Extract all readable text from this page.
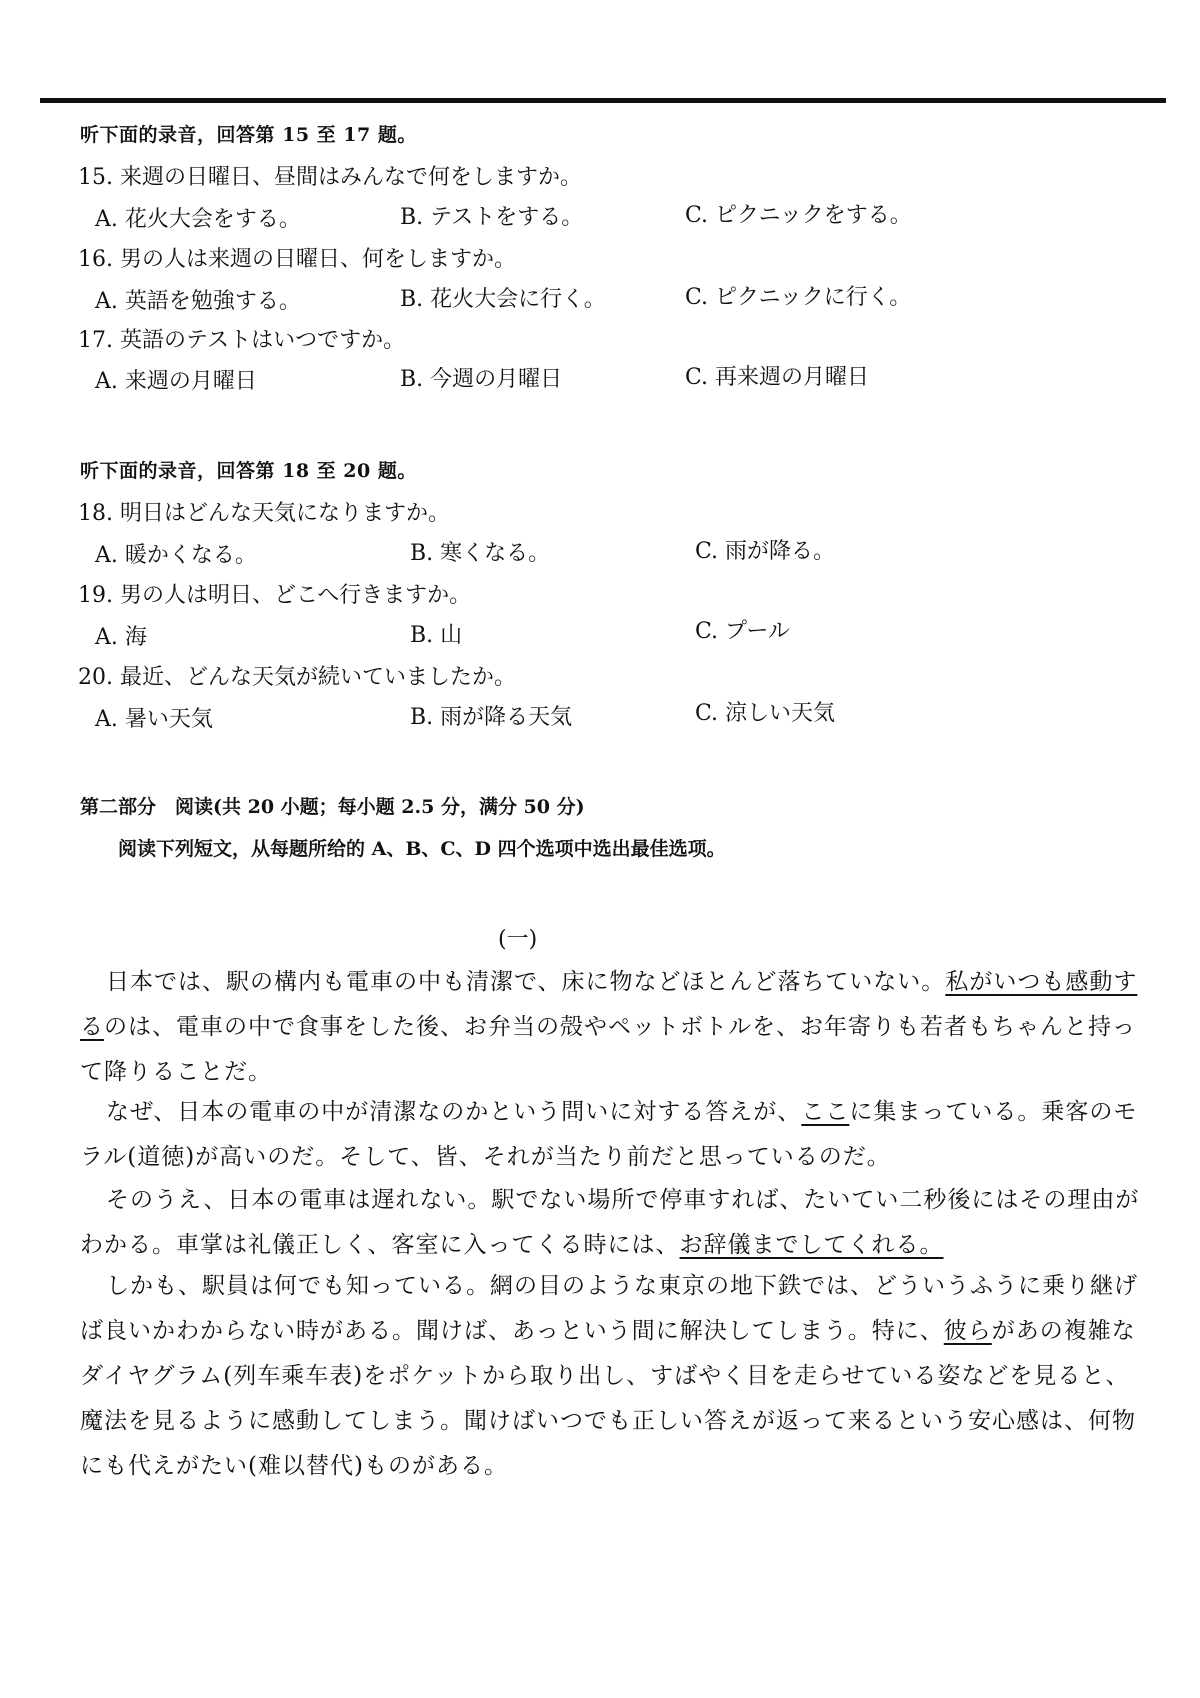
听下面的录音，回答第 15 至 17 题。
15. 来週の日曜日、昼間はみんなで何をしますか。
A. 花火大会をする。	B. テストをする。	C. ピクニックをする。
16. 男の人は来週の日曜日、何をしますか。
A. 英語を勉強する。	B. 花火大会に行く。	C. ピクニックに行く。
17. 英語のテストはいつですか。
A. 来週の月曜日	B. 今週の月曜日	C. 再来週の月曜日
听下面的录音，回答第 18 至 20 题。
18. 明日はどんな天気になりますか。
A. 暖かくなる。	B. 寒くなる。	C. 雨が降る。
19. 男の人は明日、どこへ行きますか。
A. 海	B. 山	C. プール
20. 最近、どんな天気が続いていましたか。
A. 暑い天気	B. 雨が降る天気	C. 涼しい天気
第二部分　阅读(共 20 小题；每小题 2.5 分，满分 50 分)
阅读下列短文，从每题所给的 A、B、C、D 四个选项中选出最佳选项。
(一)
日本では、駅の構内も電車の中も清潔で、床に物などほとんど落ちていない。私がいつも感動するのは、電車の中で食事をした後、お弁当の殻やペットボトルを、お年寄りも若者もちゃんと持って降りることだ。
なぜ、日本の電車の中が清潔なのかという問いに対する答えが、ここに集まっている。乗客のモラル(道徳)が高いのだ。そして、皆、それが当たり前だと思っているのだ。
そのうえ、日本の電車は遅れない。駅でない場所で停車すれば、たいてい二秒後にはその理由がわかる。車掌は礼儀正しく、客室に入ってくる時には、お辞儀までしてくれる。
しかも、駅員は何でも知っている。網の目のような東京の地下鉄では、どういうふうに乗り継げば良いかわからない時がある。聞けば、あっという間に解決してしまう。特に、彼らがあの複雑なダイヤグラム(列车乘车表)をポケットから取り出し、すばやく目を走らせている姿などを見ると、魔法を見るように感動してしまう。聞けばいつでも正しい答えが返って来るという安心感は、何物にも代えがたい(难以替代)ものがある。
